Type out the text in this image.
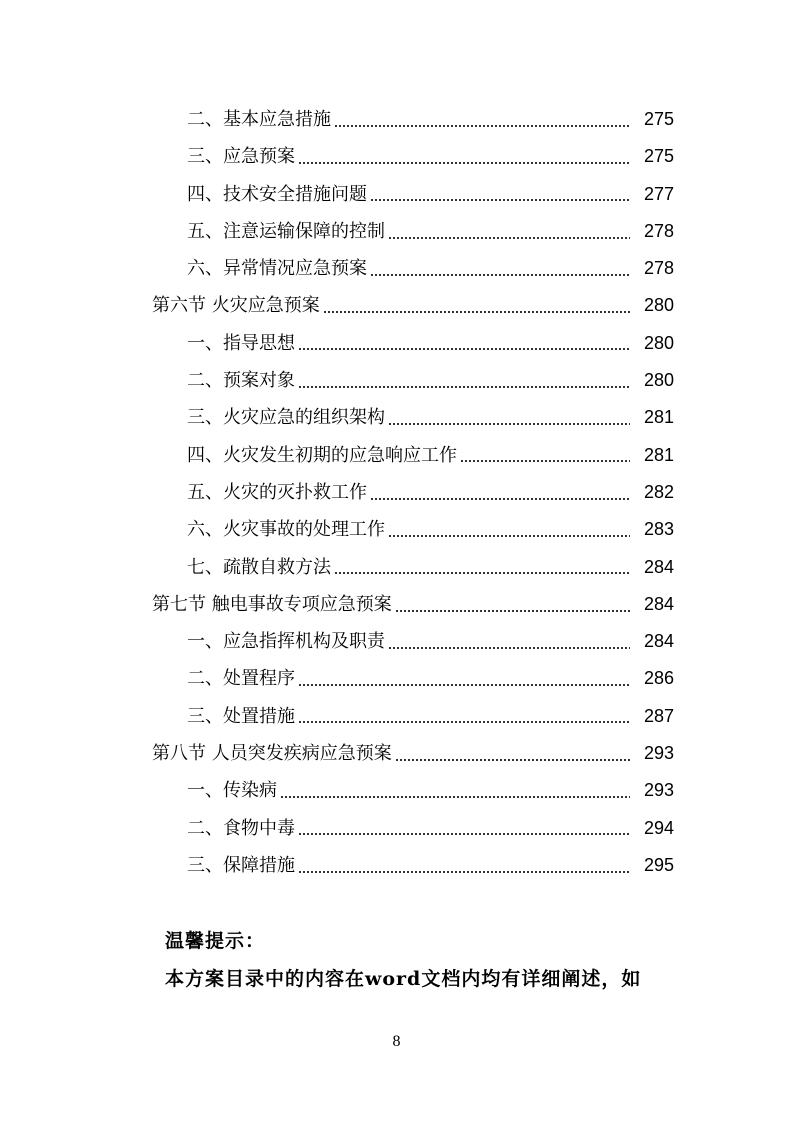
二、基本应急措施	275
三、应急预案	275
四、技术安全措施问题	277
五、注意运输保障的控制	278
六、异常情况应急预案	278
第六节 火灾应急预案	280
一、指导思想	280
二、预案对象	280
三、火灾应急的组织架构	281
四、火灾发生初期的应急响应工作	281
五、火灾的灭扑救工作	282
六、火灾事故的处理工作	283
七、疏散自救方法	284
第七节 触电事故专项应急预案	284
一、应急指挥机构及职责	284
二、处置程序	286
三、处置措施	287
第八节 人员突发疾病应急预案	293
一、传染病	293
二、食物中毒	294
三、保障措施	295
温馨提示：
本方案目录中的内容在word文档内均有详细阐述，如
8
